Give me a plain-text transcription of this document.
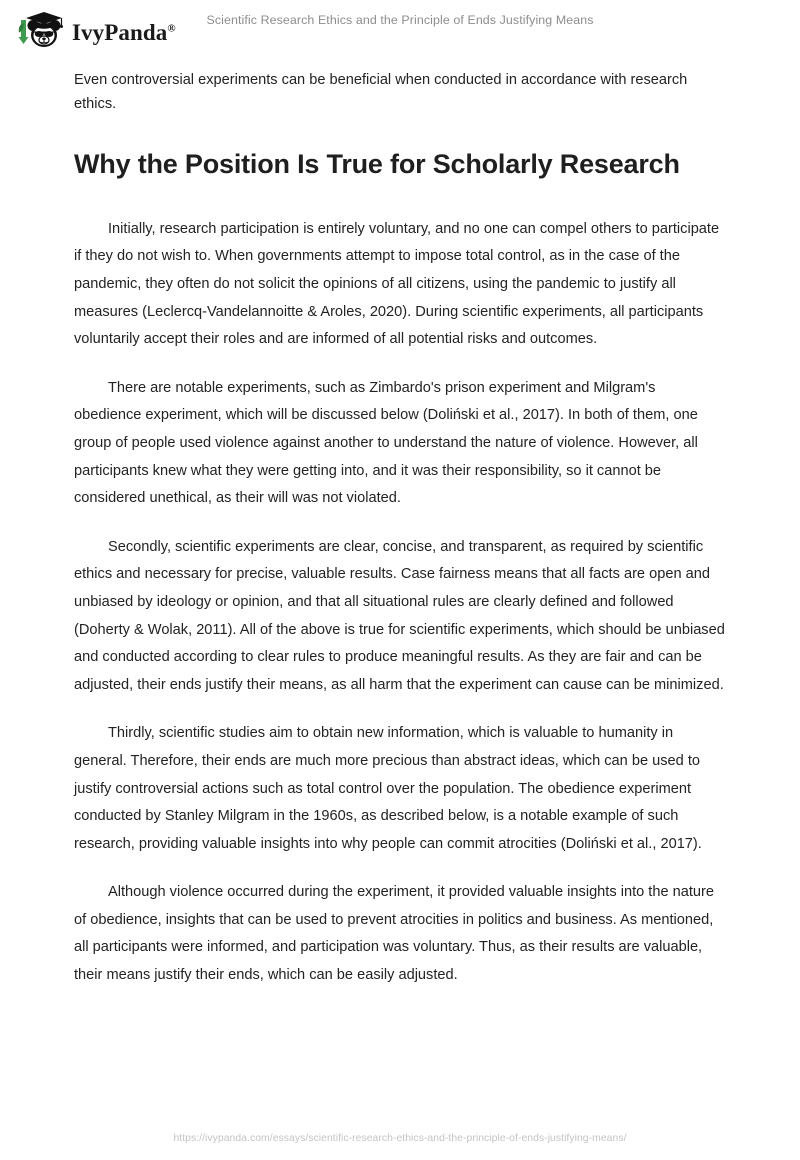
IvyPanda®
Scientific Research Ethics and the Principle of Ends Justifying Means

Even controversial experiments can be beneficial when conducted in accordance with research ethics.

Why the Position Is True for Scholarly Research

Initially, research participation is entirely voluntary, and no one can compel others to participate if they do not wish to. When governments attempt to impose total control, as in the case of the pandemic, they often do not solicit the opinions of all citizens, using the pandemic to justify all measures (Leclercq-Vandelannoitte & Aroles, 2020). During scientific experiments, all participants voluntarily accept their roles and are informed of all potential risks and outcomes.

There are notable experiments, such as Zimbardo's prison experiment and Milgram's obedience experiment, which will be discussed below (Doliński et al., 2017). In both of them, one group of people used violence against another to understand the nature of violence. However, all participants knew what they were getting into, and it was their responsibility, so it cannot be considered unethical, as their will was not violated.

Secondly, scientific experiments are clear, concise, and transparent, as required by scientific ethics and necessary for precise, valuable results. Case fairness means that all facts are open and unbiased by ideology or opinion, and that all situational rules are clearly defined and followed (Doherty & Wolak, 2011). All of the above is true for scientific experiments, which should be unbiased and conducted according to clear rules to produce meaningful results. As they are fair and can be adjusted, their ends justify their means, as all harm that the experiment can cause can be minimized.

Thirdly, scientific studies aim to obtain new information, which is valuable to humanity in general. Therefore, their ends are much more precious than abstract ideas, which can be used to justify controversial actions such as total control over the population. The obedience experiment conducted by Stanley Milgram in the 1960s, as described below, is a notable example of such research, providing valuable insights into why people can commit atrocities (Doliński et al., 2017).

Although violence occurred during the experiment, it provided valuable insights into the nature of obedience, insights that can be used to prevent atrocities in politics and business. As mentioned, all participants were informed, and participation was voluntary. Thus, as their results are valuable, their means justify their ends, which can be easily adjusted.

https://ivypanda.com/essays/scientific-research-ethics-and-the-principle-of-ends-justifying-means/
